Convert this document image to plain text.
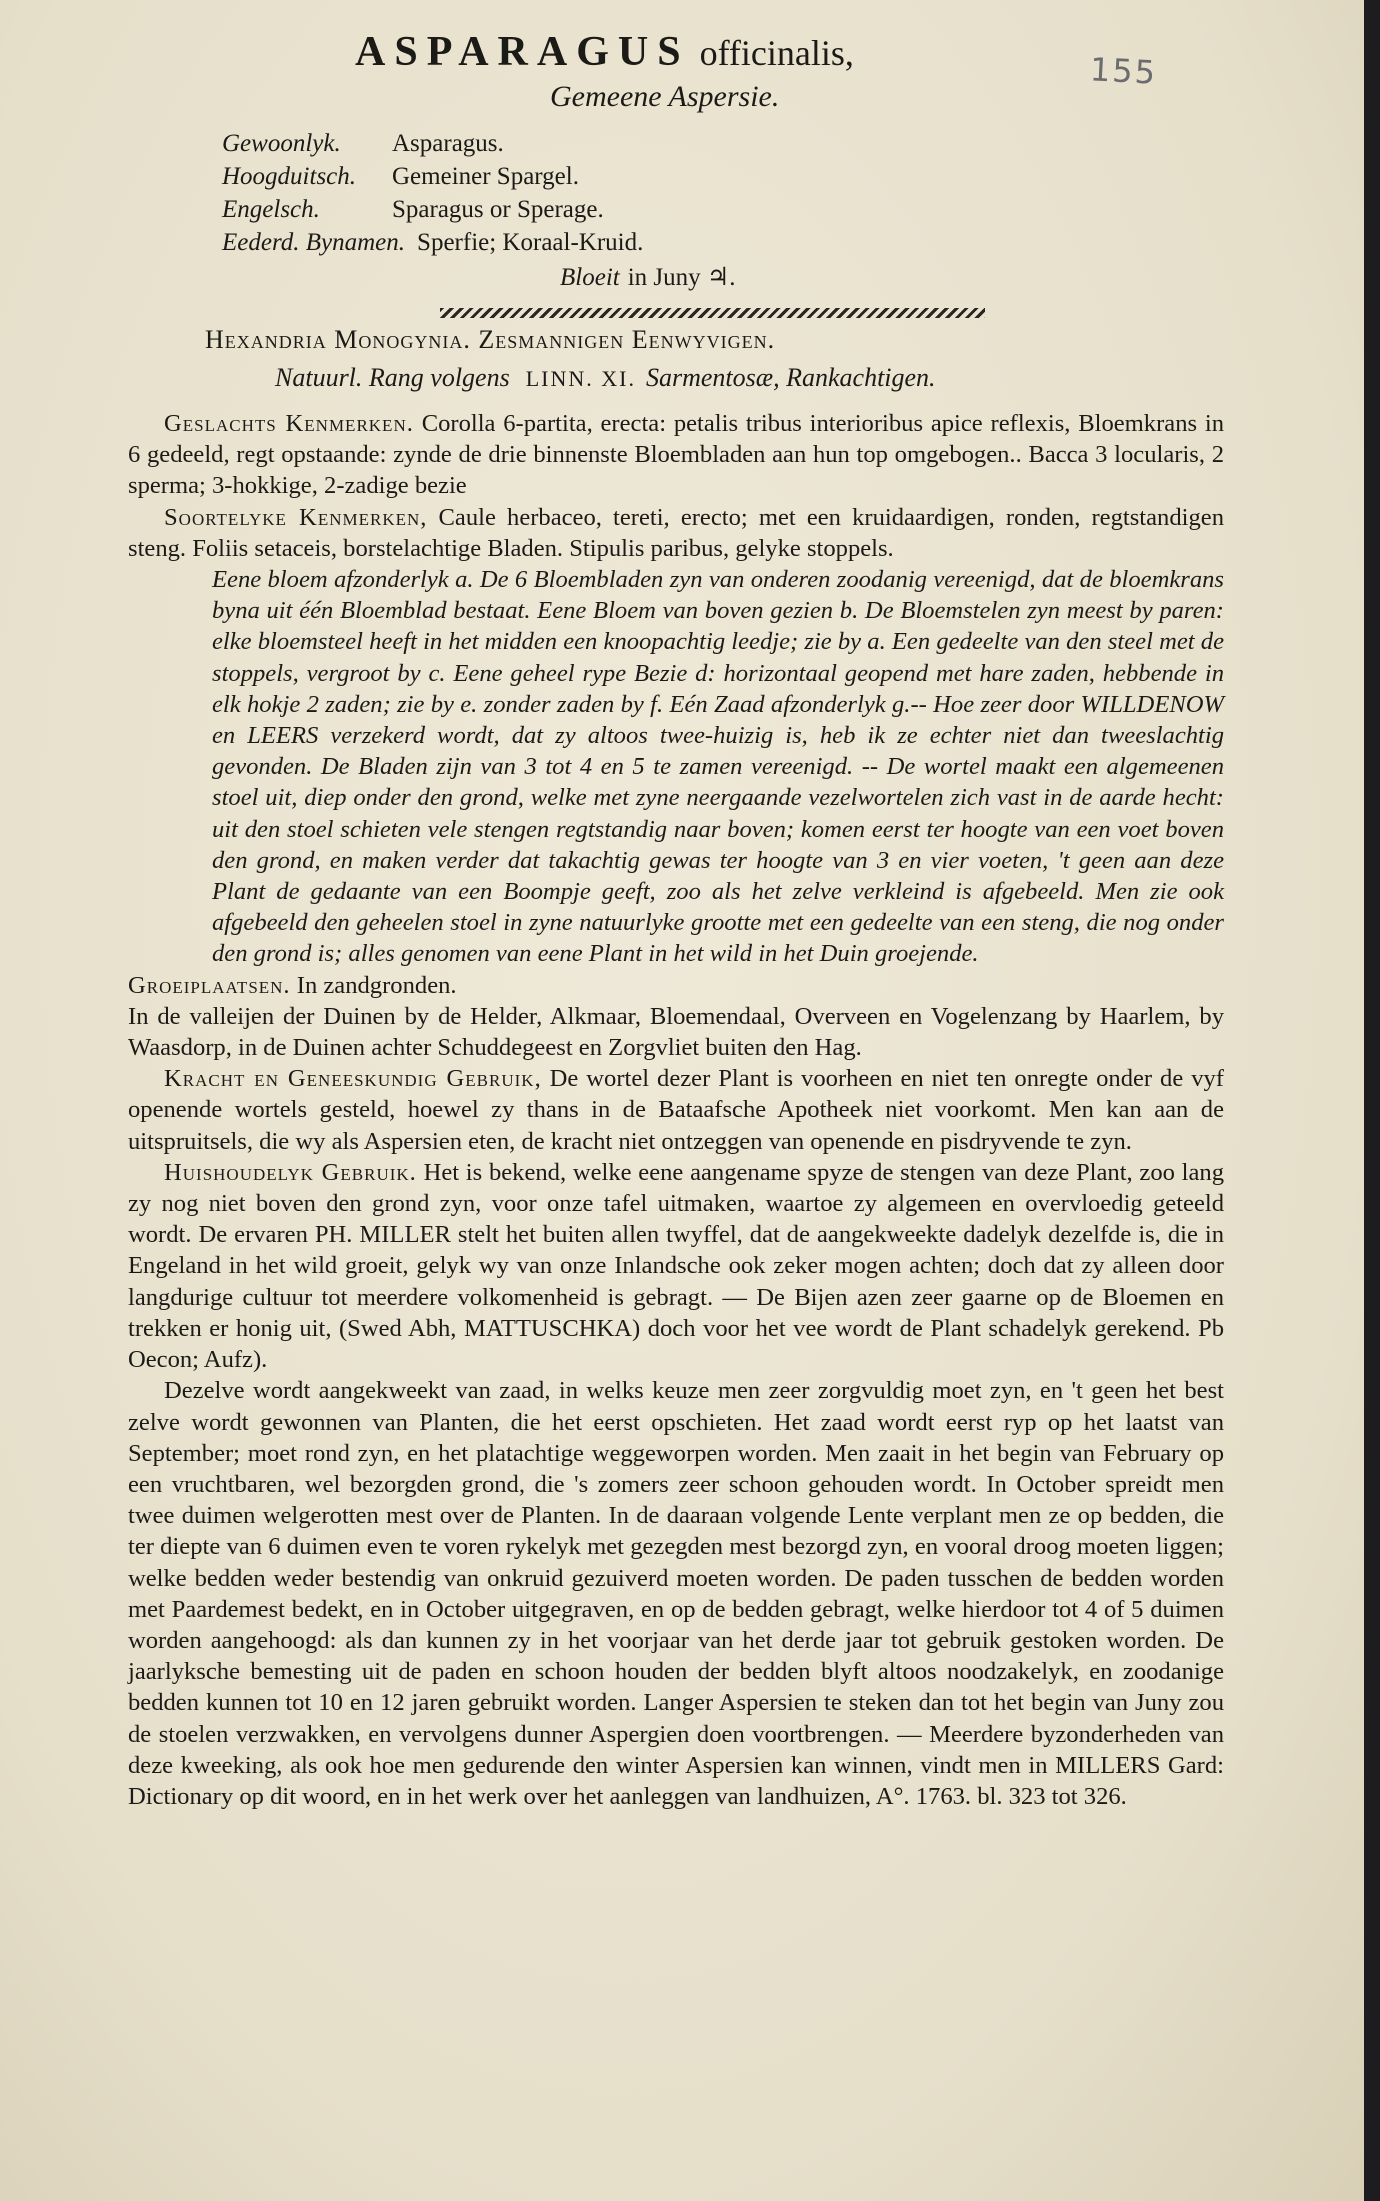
155
ASPARAGUS officinalis,
Gemeene Aspersie.
Gewoonlyk. Asparagus.
Hoogduitsch. Gemeiner Spargel.
Engelsch.	Sparagus or Sperage.
Eederd. Bynamen. Sperfie; Koraal-Kruid.
Bloeit in Juny ♃.
Hexandria Monogynia. Zesmannigen Eenwyvigen.
Natuurl. Rang volgens LINN. XI. Sarmentosæ, Rankachtigen.

Geslachts Kenmerken. Corolla 6-partita, erecta: petalis tribus interioribus apice reflexis, Bloemkrans in 6 gedeeld, regt opstaande: zynde de drie binnenste Bloembladen aan hun top omgebogen.. Bacca 3 locularis, 2 sperma; 3-hokkige, 2-zadige bezie

Soortelyke Kenmerken, Caule herbaceo, tereti, erecto; met een kruidaardigen, ronden, regtstandigen steng. Foliis setaceis, borstelachtige Bladen. Stipulis paribus, gelyke stoppels.

Eene bloem afzonderlyk a. De 6 Bloembladen zyn van onderen zoodanig vereenigd, dat de bloemkrans byna uit één Bloemblad bestaat. Eene Bloem van boven gezien b. De Bloemstelen zyn meest by paren: elke bloemsteel heeft in het midden een knoopachtig leedje; zie by a. Een gedeelte van den steel met de stoppels, vergroot by c. Eene geheel rype Bezie d: horizontaal geopend met hare zaden, hebbende in elk hokje 2 zaden; zie by e. zonder zaden by f. Eén Zaad afzonderlyk g.-- Hoe zeer door WILLDENOW en LEERS verzekerd wordt, dat zy altoos twee-huizig is, heb ik ze echter niet dan tweeslachtig gevonden. De Bladen zijn van 3 tot 4 en 5 te zamen vereenigd. -- De wortel maakt een algemeenen stoel uit, diep onder den grond, welke met zyne neergaande vezelwortelen zich vast in de aarde hecht: uit den stoel schieten vele stengen regtstandig naar boven; komen eerst ter hoogte van een voet boven den grond, en maken verder dat takachtig gewas ter hoogte van 3 en vier voeten, 't geen aan deze Plant de gedaante van een Boompje geeft, zoo als het zelve verkleind is afgebeeld. Men zie ook afgebeeld den geheelen stoel in zyne natuurlyke grootte met een gedeelte van een steng, die nog onder den grond is; alles genomen van eene Plant in het wild in het Duin groejende.

Groeiplaatsen. In zandgronden.

In de valleijen der Duinen by de Helder, Alkmaar, Bloemendaal, Overveen en Vogelenzang by Haarlem, by Waasdorp, in de Duinen achter Schuddegeest en Zorgvliet buiten den Hag.

Kracht en Geneeskundig Gebruik, De wortel dezer Plant is voorheen en niet ten onregte onder de vyf openende wortels gesteld, hoewel zy thans in de Bataafsche Apotheek niet voorkomt. Men kan aan de uitspruitsels, die wy als Aspersien eten, de kracht niet ontzeggen van openende en pisdryvende te zyn.

Huishoudelyk Gebruik. Het is bekend, welke eene aangename spyze de stengen van deze Plant, zoo lang zy nog niet boven den grond zyn, voor onze tafel uitmaken, waartoe zy algemeen en overvloedig geteeld wordt. De ervaren PH. MILLER stelt het buiten allen twyffel, dat de aangekweekte dadelyk dezelfde is, die in Engeland in het wild groeit, gelyk wy van onze Inlandsche ook zeker mogen achten; doch dat zy alleen door langdurige cultuur tot meerdere volkomenheid is gebragt. — De Bijen azen zeer gaarne op de Bloemen en trekken er honig uit, (Swed Abh, MATTUSCHKA) doch voor het vee wordt de Plant schadelyk gerekend. Pb Oecon; Aufz).

Dezelve wordt aangekweekt van zaad, in welks keuze men zeer zorgvuldig moet zyn, en 't geen het best zelve wordt gewonnen van Planten, die het eerst opschieten. Het zaad wordt eerst ryp op het laatst van September; moet rond zyn, en het platachtige weggeworpen worden. Men zaait in het begin van February op een vruchtbaren, wel bezorgden grond, die 's zomers zeer schoon gehouden wordt. In October spreidt men twee duimen welgerotten mest over de Planten. In de daaraan volgende Lente verplant men ze op bedden, die ter diepte van 6 duimen even te voren rykelyk met gezegden mest bezorgd zyn, en vooral droog moeten liggen; welke bedden weder bestendig van onkruid gezuiverd moeten worden. De paden tusschen de bedden worden met Paardemest bedekt, en in October uitgegraven, en op de bedden gebragt, welke hierdoor tot 4 of 5 duimen worden aangehoogd: als dan kunnen zy in het voorjaar van het derde jaar tot gebruik gestoken worden. De jaarlyksche bemesting uit de paden en schoon houden der bedden blyft altoos noodzakelyk, en zoodanige bedden kunnen tot 10 en 12 jaren gebruikt worden. Langer Aspersien te steken dan tot het begin van Juny zou de stoelen verzwakken, en vervolgens dunner Aspergien doen voortbrengen. — Meerdere byzonderheden van deze kweeking, als ook hoe men gedurende den winter Aspersien kan winnen, vindt men in MILLERS Gard: Dictionary op dit woord, en in het werk over het aanleggen van landhuizen, A°. 1763. bl. 323 tot 326.
